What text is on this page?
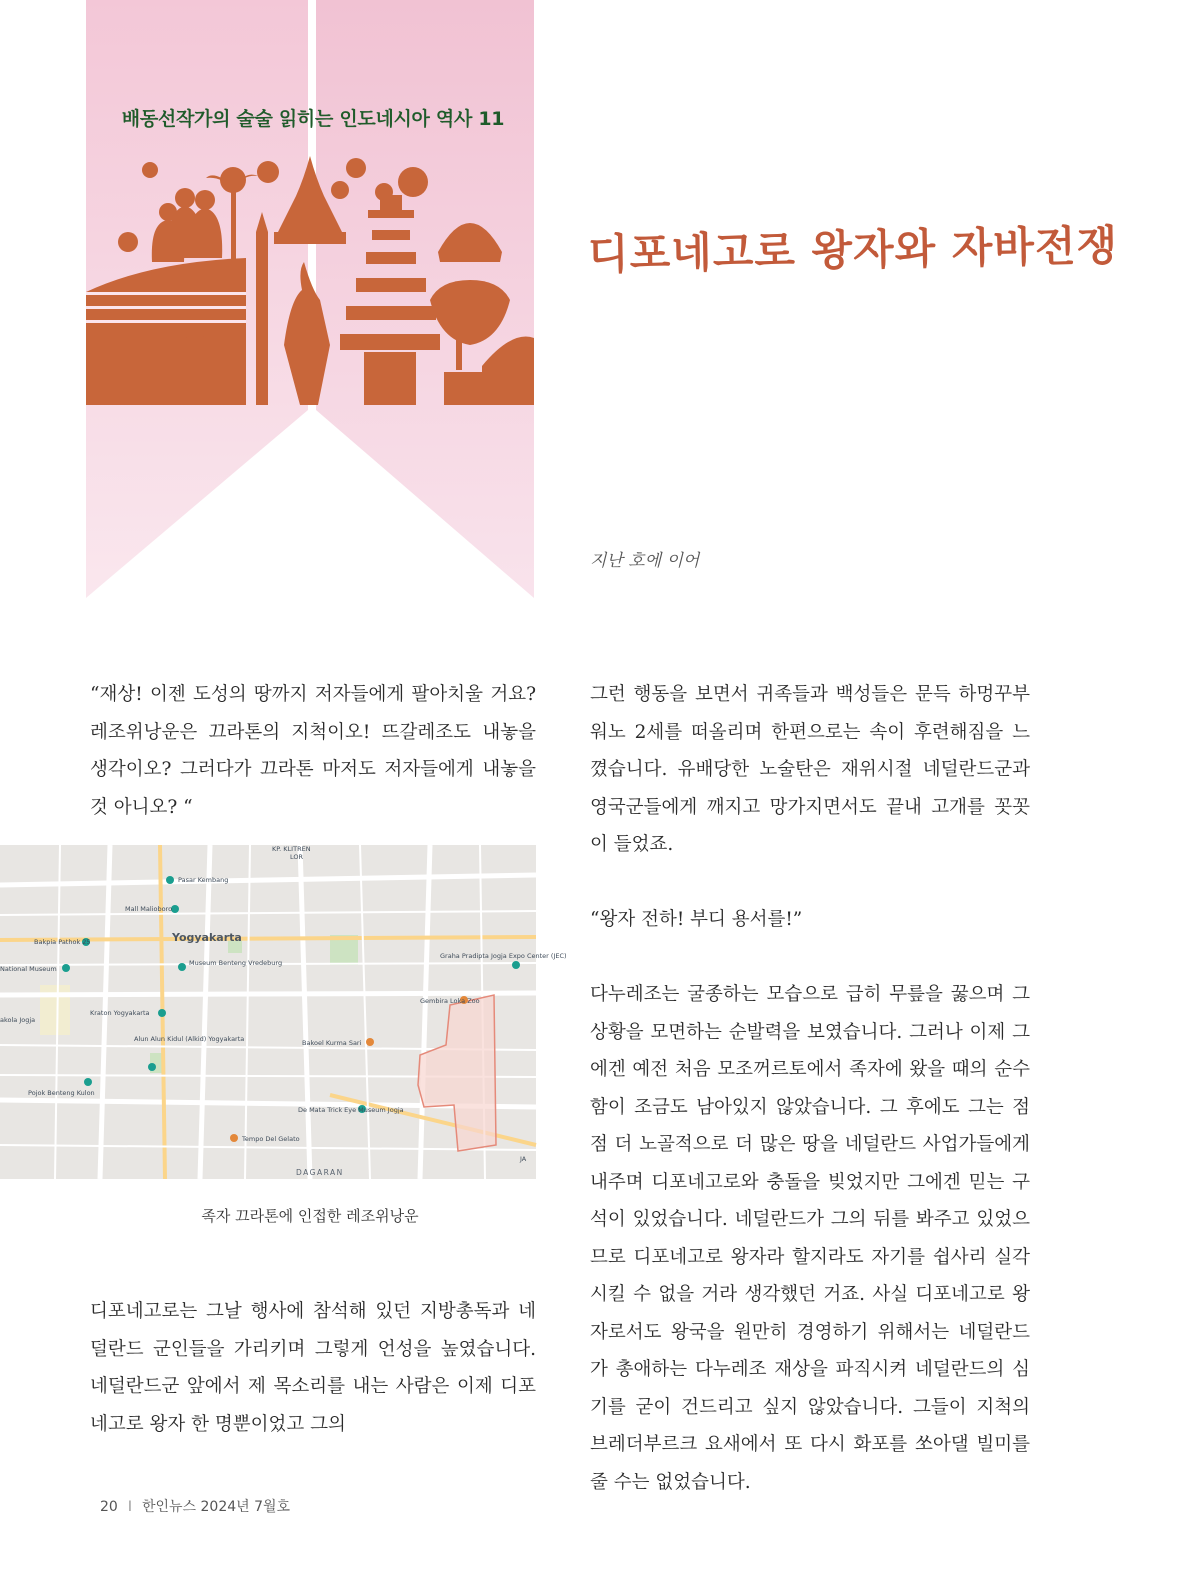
배동선작가의 술술 읽히는 인도네시아 역사 11
디포네고로 왕자와 자바전쟁
지난 호에 이어

“재상! 이젠 도성의 땅까지 저자들에게 팔아치울 거요? 레조위낭운은 끄라톤의 지척이오! 뜨갈레조도 내놓을 생각이오? 그러다가 끄라톤 마저도 저자들에게 내놓을 것 아니오? “

KP. KLITREN
LOR
Pasar Kembang
Mall Malioboro
Bakpia Pathok 25
National Museum
Museum Benteng Vredeburg
Graha Pradipta Jogja Expo Center (JEC)
Gembira Loka Zoo
Kraton Yogyakarta
akola Jogja
Alun Alun Kidul (Alkid) Yogyakarta	Bakoel Kurma Sari
Pojok Benteng Kulon
De Mata Trick Eye Museum Jogja
Tempo Del Gelato
JA
Yogyakarta
DAGARAN
족자 끄라톤에 인접한 레조위낭운

디포네고로는 그날 행사에 참석해 있던 지방총독과 네덜란드 군인들을 가리키며 그렇게 언성을 높였습니다. 네덜란드군 앞에서 제 목소리를 내는 사람은 이제 디포네고로 왕자 한 명뿐이었고 그의

그런 행동을 보면서 귀족들과 백성들은 문득 하멍꾸부워노 2세를 떠올리며 한편으로는 속이 후련해짐을 느꼈습니다. 유배당한 노술탄은 재위시절 네덜란드군과 영국군들에게 깨지고 망가지면서도 끝내 고개를 꼿꼿이 들었죠.

“왕자 전하! 부디 용서를!”

다누레조는 굴종하는 모습으로 급히 무릎을 꿇으며 그 상황을 모면하는 순발력을 보였습니다. 그러나 이제 그에겐 예전 처음 모조꺼르토에서 족자에 왔을 때의 순수함이 조금도 남아있지 않았습니다. 그 후에도 그는 점점 더 노골적으로 더 많은 땅을 네덜란드 사업가들에게 내주며 디포네고로와 충돌을 빚었지만 그에겐 믿는 구석이 있었습니다. 네덜란드가 그의 뒤를 봐주고 있었으므로 디포네고로 왕자라 할지라도 자기를 쉽사리 실각시킬 수 없을 거라 생각했던 거죠. 사실 디포네고로 왕자로서도 왕국을 원만히 경영하기 위해서는 네덜란드가 총애하는 다누레조 재상을 파직시켜 네덜란드의 심기를 굳이 건드리고 싶지 않았습니다. 그들이 지척의 브레더부르크 요새에서 또 다시 화포를 쏘아댈 빌미를 줄 수는 없었습니다.

20 I 한인뉴스 2024년 7월호
